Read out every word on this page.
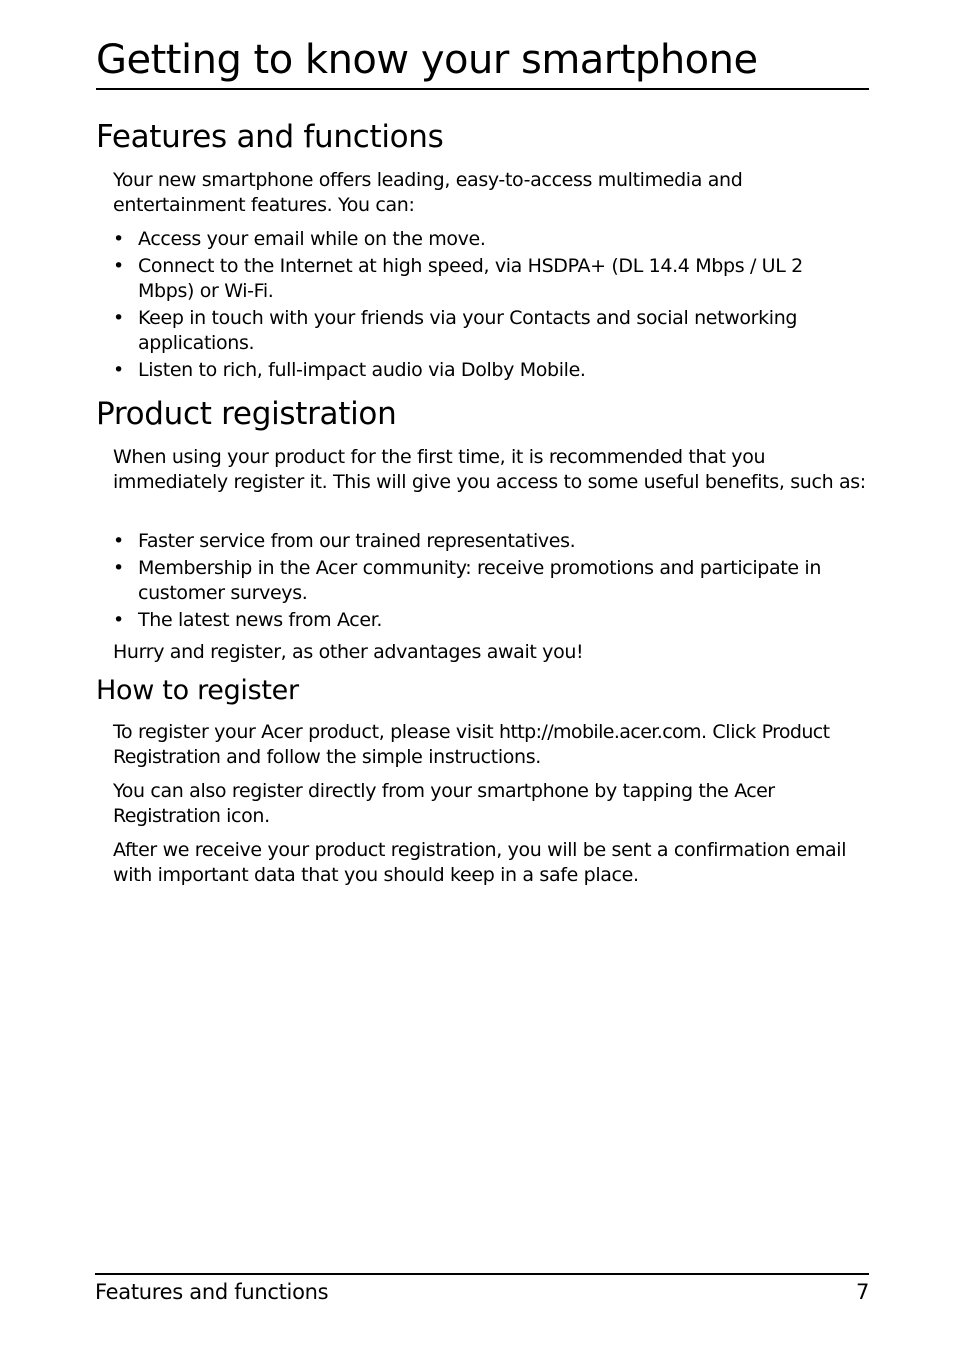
Getting to know your smartphone
Features and functions

Your new smartphone offers leading, easy-to-access multimedia and entertainment features. You can:

• Access your email while on the move.
• Connect to the Internet at high speed, via HSDPA+ (DL 14.4 Mbps / UL 2 Mbps) or Wi-Fi.
• Keep in touch with your friends via your Contacts and social networking applications.
• Listen to rich, full-impact audio via Dolby Mobile.
Product registration

When using your product for the first time, it is recommended that you immediately register it. This will give you access to some useful benefits, such as:

• Faster service from our trained representatives.
• Membership in the Acer community: receive promotions and participate in customer surveys.
• The latest news from Acer.

Hurry and register, as other advantages await you!

How to register

To register your Acer product, please visit http://mobile.acer.com. Click Product Registration and follow the simple instructions.

You can also register directly from your smartphone by tapping the Acer Registration icon.

After we receive your product registration, you will be sent a confirmation email with important data that you should keep in a safe place.

Features and functions	7
